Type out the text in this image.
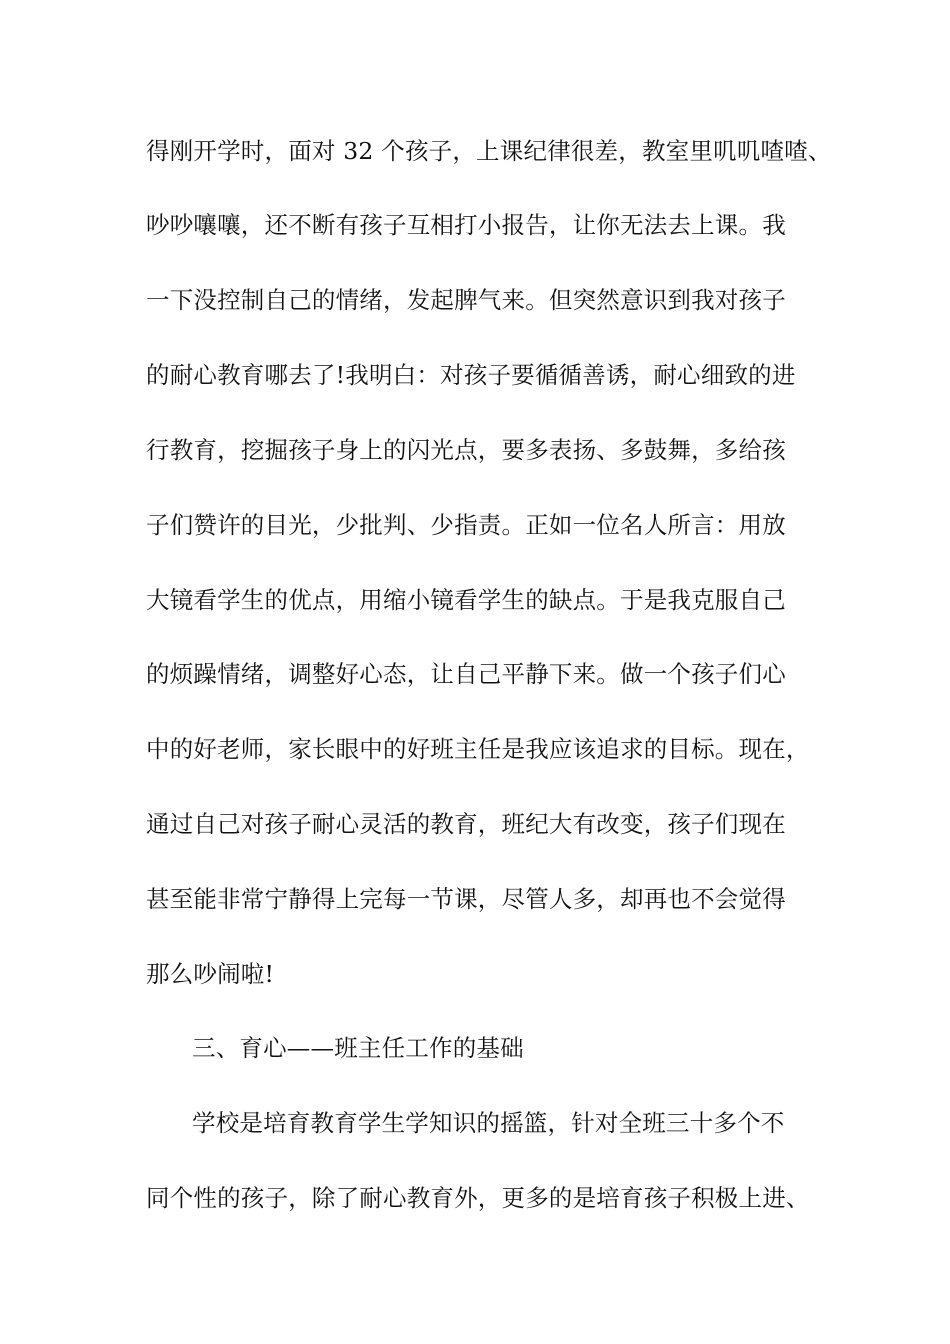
得刚开学时，面对 32 个孩子，上课纪律很差，教室里叽叽喳喳、
吵吵嚷嚷，还不断有孩子互相打小报告，让你无法去上课。我
一下没控制自己的情绪，发起脾气来。但突然意识到我对孩子
的耐心教育哪去了!我明白：对孩子要循循善诱，耐心细致的进
行教育，挖掘孩子身上的闪光点，要多表扬、多鼓舞，多给孩
子们赞许的目光，少批判、少指责。正如一位名人所言：用放
大镜看学生的优点，用缩小镜看学生的缺点。于是我克服自己
的烦躁情绪，调整好心态，让自己平静下来。做一个孩子们心
中的好老师，家长眼中的好班主任是我应该追求的目标。现在，
通过自己对孩子耐心灵活的教育，班纪大有改变，孩子们现在
甚至能非常宁静得上完每一节课，尽管人多，却再也不会觉得
那么吵闹啦!
三、育心——班主任工作的基础
学校是培育教育学生学知识的摇篮，针对全班三十多个不
同个性的孩子，除了耐心教育外，更多的是培育孩子积极上进、
